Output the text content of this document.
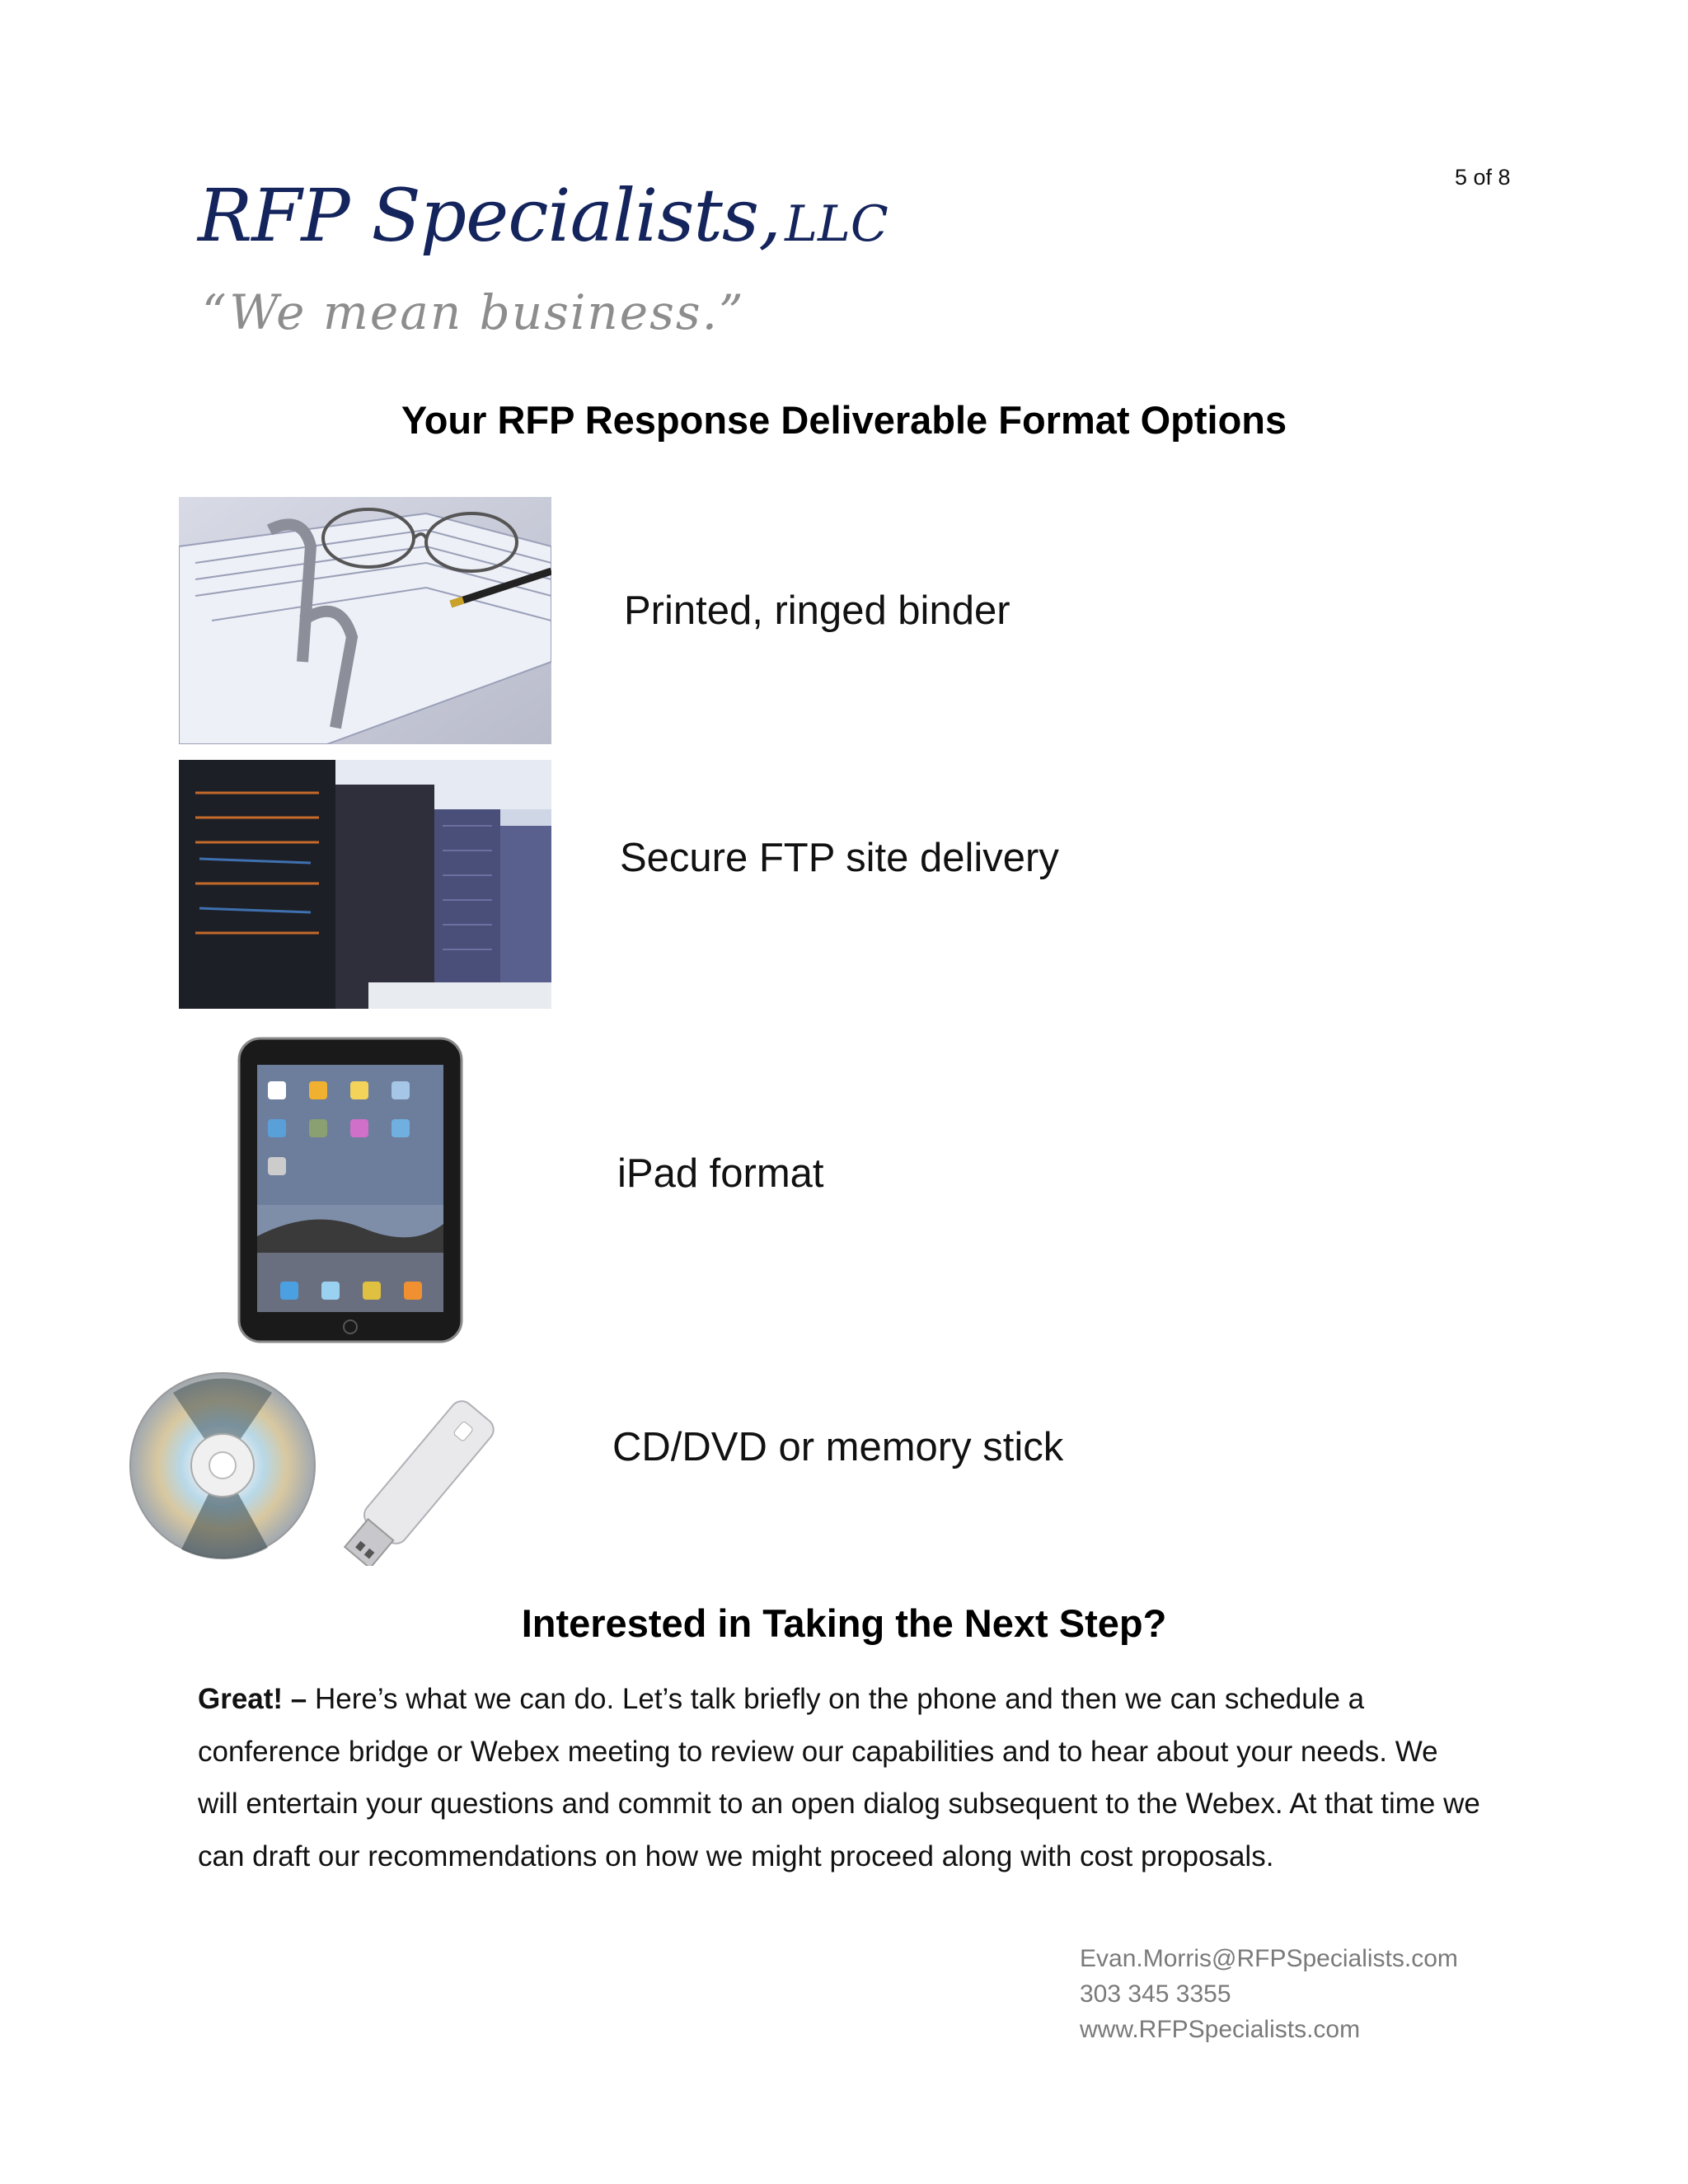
5 of 8
RFP Specialists, LLC
“We mean business.”
Your RFP Response Deliverable Format Options
Printed, ringed binder
Secure FTP site delivery
iPad format
CD/DVD or memory stick
Interested in Taking the Next Step?
Great! – Here’s what we can do. Let’s talk briefly on the phone and then we can schedule a conference bridge or Webex meeting to review our capabilities and to hear about your needs. We will entertain your questions and commit to an open dialog subsequent to the Webex. At that time we can draft our recommendations on how we might proceed along with cost proposals.
Evan.Morris@RFPSpecialists.com
303 345 3355
www.RFPSpecialists.com
